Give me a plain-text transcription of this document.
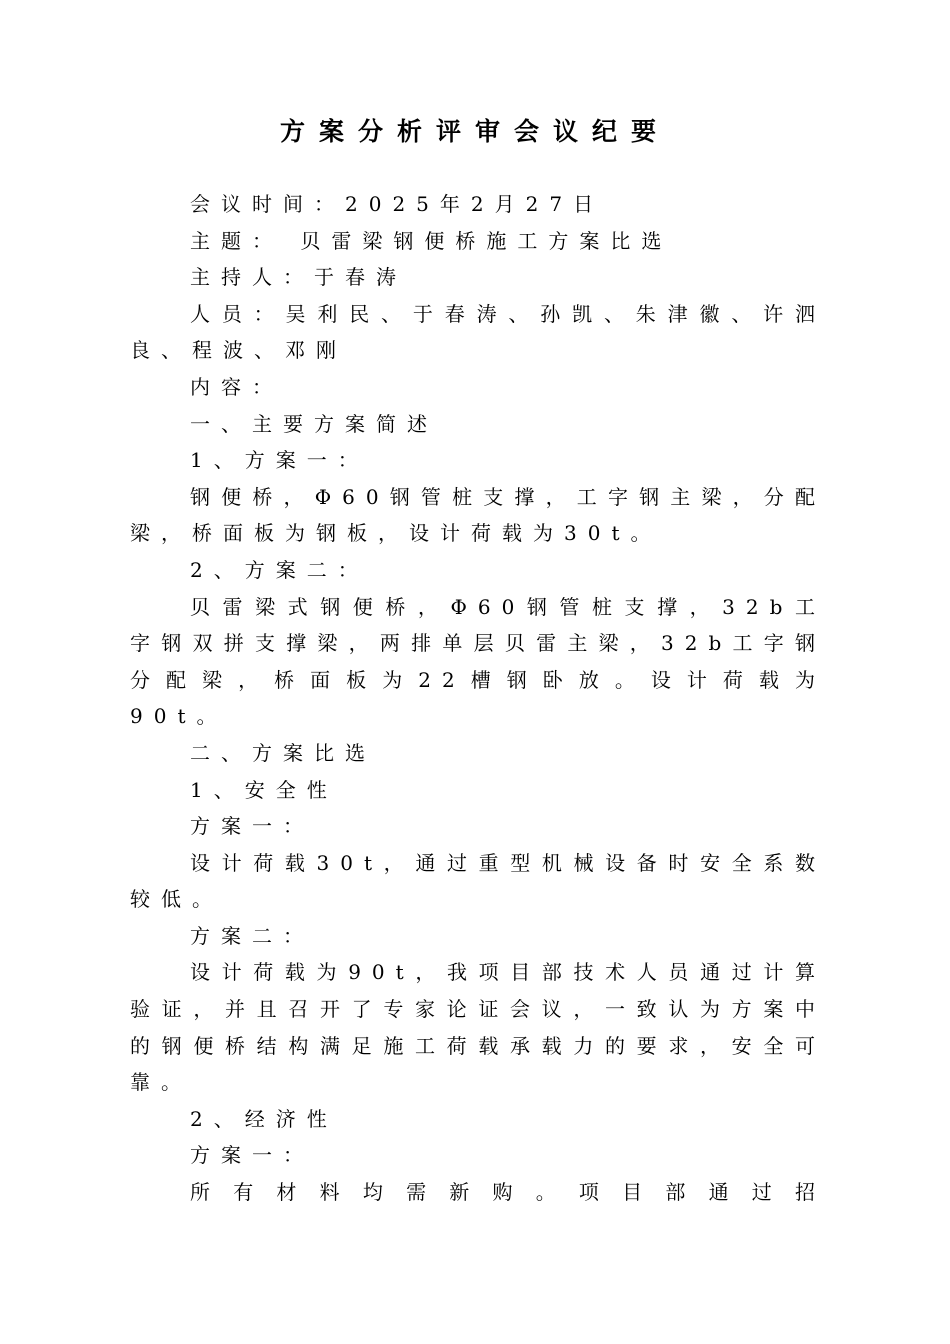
方案分析评审会议纪要

会议时间：2025年2月27日

主题： 贝雷梁钢便桥施工方案比选

主持人：于春涛

人员：吴利民、于春涛、孙凯、朱津徽、许泗良、程波、邓刚

内容：

一、主要方案简述

1、方案一：

钢便桥，Φ60钢管桩支撑，工字钢主梁，分配梁，桥面板为钢板，设计荷载为30t。

2、方案二：

贝雷梁式钢便桥，Φ60钢管桩支撑，32b工字钢双拼支撑梁，两排单层贝雷主梁，32b工字钢分配梁，桥面板为22槽钢卧放。设计荷载为90t。

二、方案比选

1、安全性

方案一：

设计荷载30t，通过重型机械设备时安全系数较低。

方案二：

设计荷载为90t，我项目部技术人员通过计算验证，并且召开了专家论证会议，一致认为方案中的钢便桥结构满足施工荷载承载力的要求，安全可靠。

2、经济性

方案一：

所有材料均需新购。项目部通过招
